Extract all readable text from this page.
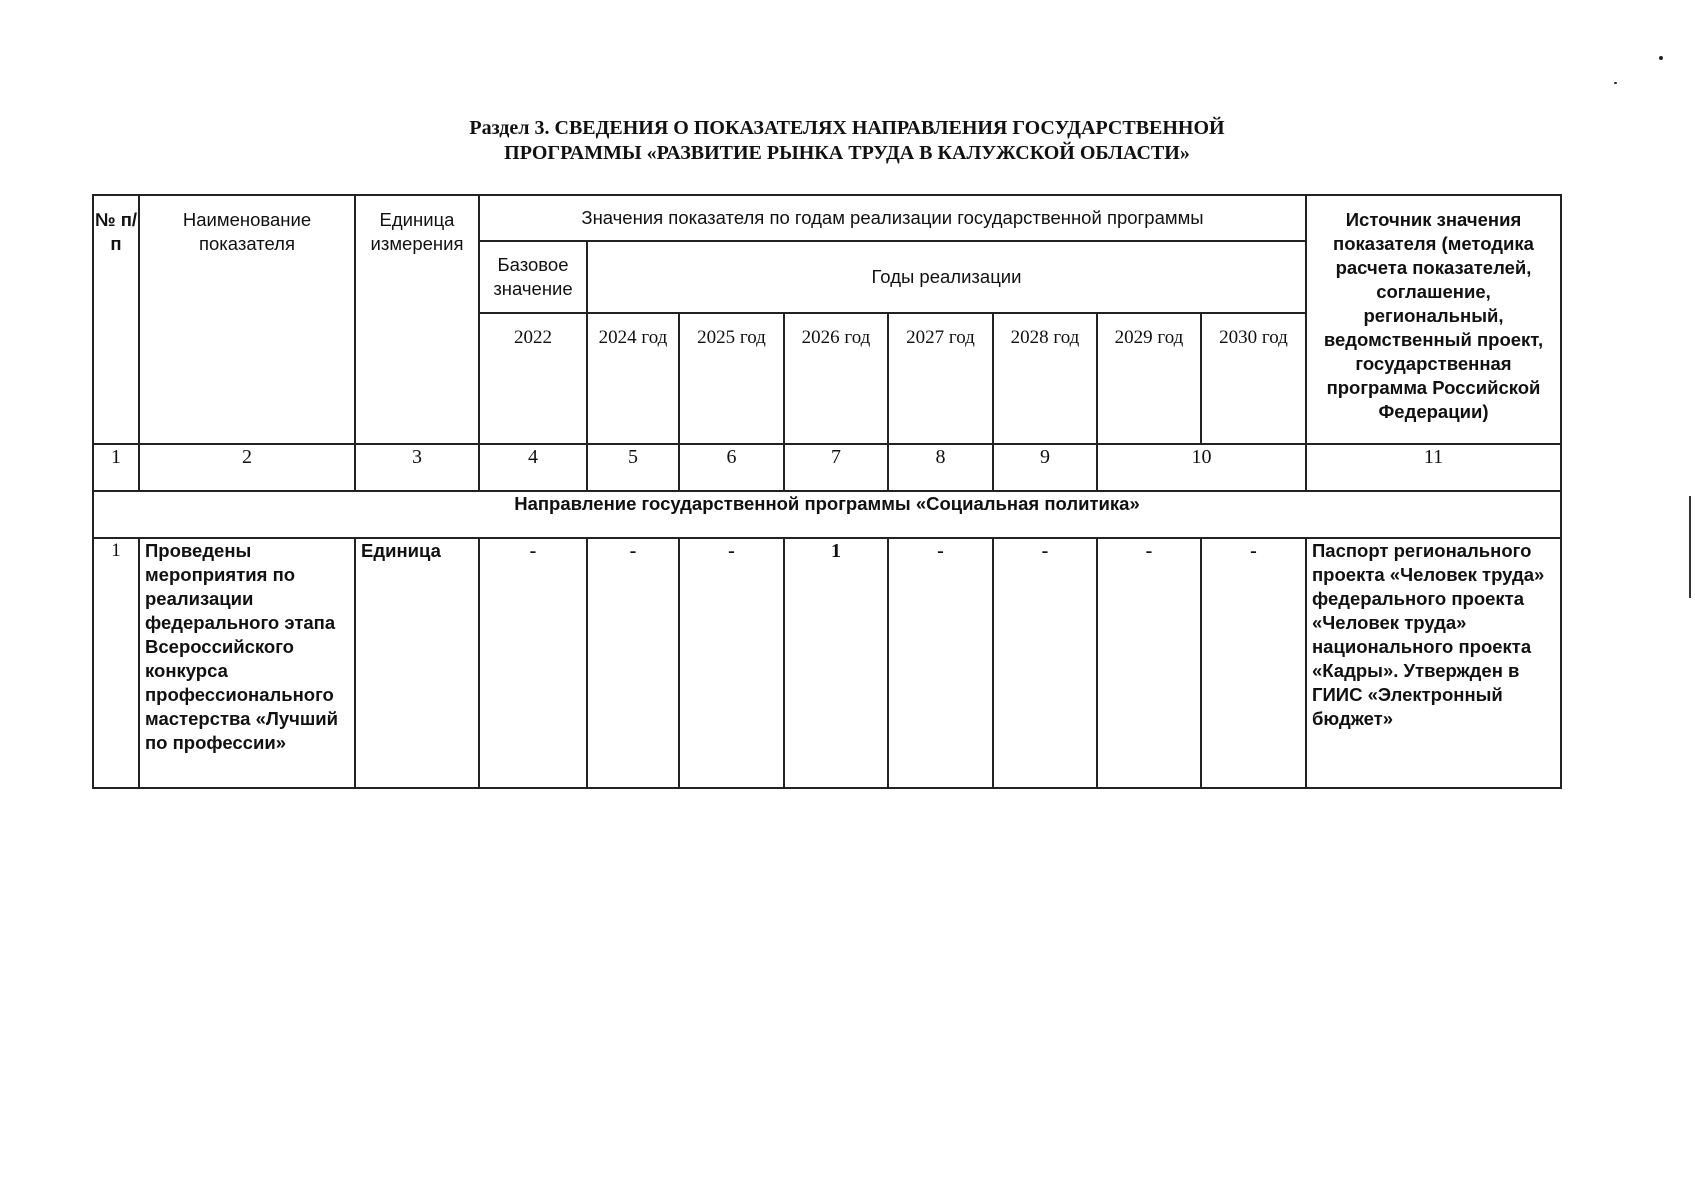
Раздел 3. СВЕДЕНИЯ О ПОКАЗАТЕЛЯХ НАПРАВЛЕНИЯ ГОСУДАРСТВЕННОЙ
ПРОГРАММЫ «РАЗВИТИЕ РЫНКА ТРУДА В КАЛУЖСКОЙ ОБЛАСТИ»
№ п/п	Наименование показателя	Единица измерения	Значения показателя по годам реализации государственной программы								Источник значения показателя (методика расчета показателей, соглашение, региональный, ведомственный проект, государственная программа Российской Федерации)
			Базовое значение	Годы реализации							
			2022	2024 год	2025 год	2026 год	2027 год	2028 год	2029 год	2030 год	
1	2	3	4	5	6	7	8	9	10		11
Направление государственной программы «Социальная политика»											
1	Проведены мероприятия по реализации федерального этапа Всероссийского конкурса профессионального мастерства «Лучший по профессии»	Единица	-	-	-	1	-	-	-	-	Паспорт регионального проекта «Человек труда» федерального проекта «Человек труда» национального проекта «Кадры». Утвержден в ГИИС «Электронный бюджет»
